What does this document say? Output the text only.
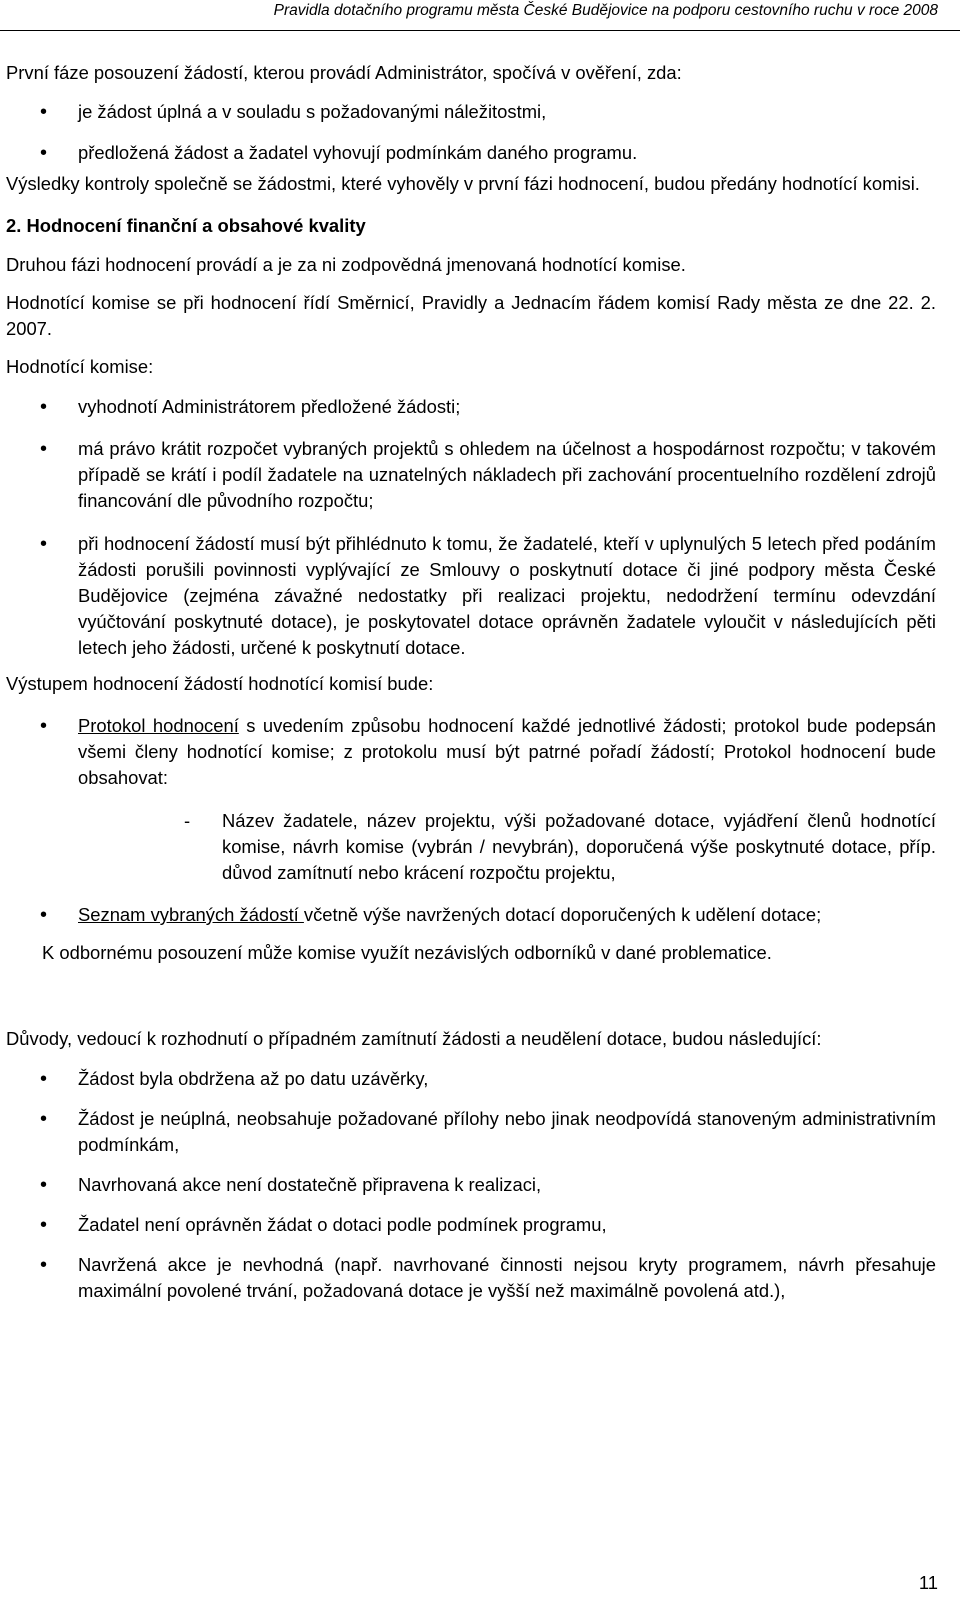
Pravidla dotačního programu města České Budějovice na podporu cestovního ruchu v roce 2008

První fáze posouzení žádostí, kterou provádí Administrátor, spočívá v ověření, zda:

• je žádost úplná a v souladu s požadovanými náležitostmi,

• předložená žádost a žadatel vyhovují podmínkám daného programu.

Výsledky kontroly společně se žádostmi, které vyhověly v první fázi hodnocení, budou předány hodnotící komisi.

2. Hodnocení finanční a obsahové kvality

Druhou fázi hodnocení provádí a je za ni zodpovědná jmenovaná hodnotící komise.

Hodnotící komise se při hodnocení řídí Směrnicí, Pravidly a Jednacím řádem komisí Rady města ze dne 22. 2. 2007.

Hodnotící komise:

• vyhodnotí Administrátorem předložené žádosti;

• má právo krátit rozpočet vybraných projektů s ohledem na účelnost a hospodárnost rozpočtu; v takovém případě se krátí i podíl žadatele na uznatelných nákladech při zachování procentuelního rozdělení zdrojů financování dle původního rozpočtu;

• při hodnocení žádostí musí být přihlédnuto k tomu, že žadatelé, kteří v uplynulých 5 letech před podáním žádosti porušili povinnosti vyplývající ze Smlouvy o poskytnutí dotace či jiné podpory města České Budějovice (zejména závažné nedostatky při realizaci projektu, nedodržení termínu odevzdání vyúčtování poskytnuté dotace), je poskytovatel dotace oprávněn žadatele vyloučit v následujících pěti letech jeho žádosti, určené k poskytnutí dotace.

Výstupem hodnocení žádostí hodnotící komisí bude:

• Protokol hodnocení s uvedením způsobu hodnocení každé jednotlivé žádosti; protokol bude podepsán všemi členy hodnotící komise; z protokolu musí být patrné pořadí žádostí; Protokol hodnocení bude obsahovat:

- Název žadatele, název projektu, výši požadované dotace, vyjádření členů hodnotící komise, návrh komise (vybrán / nevybrán), doporučená výše poskytnuté dotace, příp. důvod zamítnutí nebo krácení rozpočtu projektu,

• Seznam vybraných žádostí včetně výše navržených dotací doporučených k udělení dotace;

K odbornému posouzení může komise využít nezávislých odborníků v dané problematice.

Důvody, vedoucí k rozhodnutí o případném zamítnutí žádosti a neudělení dotace, budou následující:

• Žádost byla obdržena až po datu uzávěrky,

• Žádost je neúplná, neobsahuje požadované přílohy nebo jinak neodpovídá stanoveným administrativním podmínkám,

• Navrhovaná akce není dostatečně připravena k realizaci,

• Žadatel není oprávněn žádat o dotaci podle podmínek programu,

• Navržená akce je nevhodná (např. navrhované činnosti nejsou kryty programem, návrh přesahuje maximální povolené trvání, požadovaná dotace je vyšší než maximálně povolená atd.),

11
